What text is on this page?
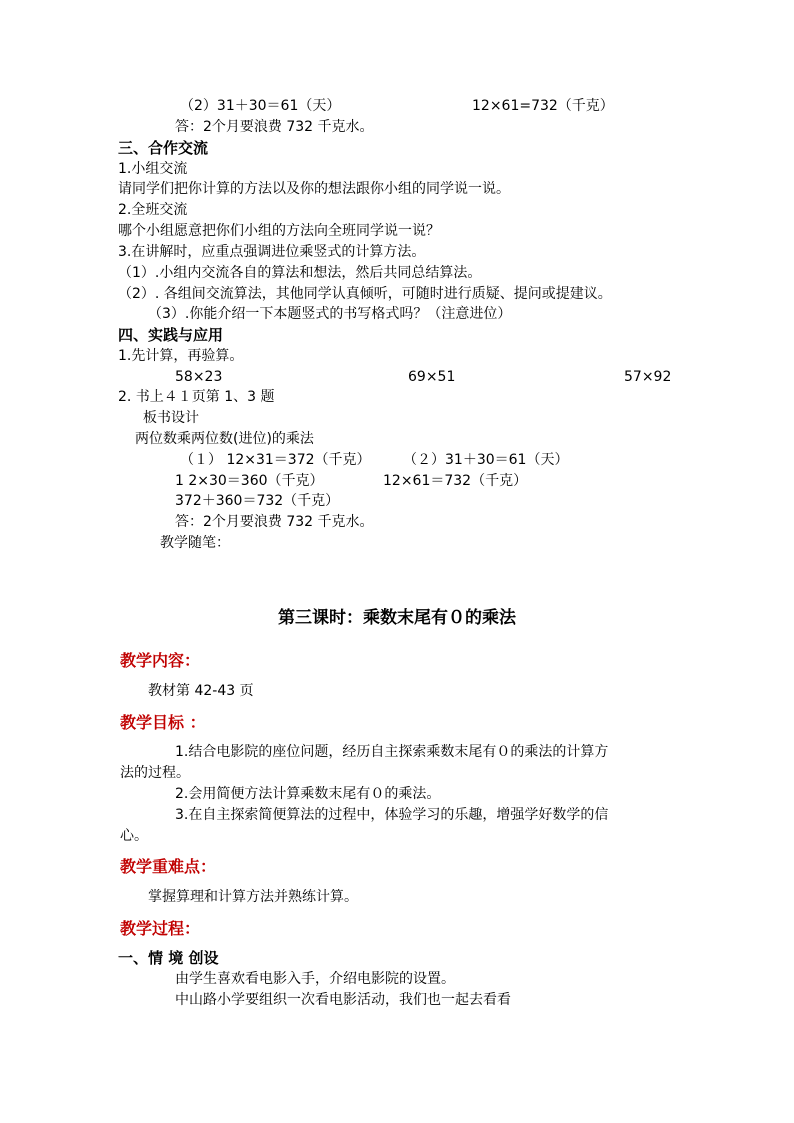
（2）31＋30＝61（天）	12×61=732（千克）
答：2个月要浪费 732 千克水。
三、合作交流
1.小组交流
请同学们把你计算的方法以及你的想法跟你小组的同学说一说。
2.全班交流
哪个小组愿意把你们小组的方法向全班同学说一说？
3.在讲解时，应重点强调进位乘竖式的计算方法。
（1）.小组内交流各自的算法和想法，然后共同总结算法。
（2）. 各组间交流算法，其他同学认真倾听，可随时进行质疑、提问或提建议。
（3）.你能介绍一下本题竖式的书写格式吗？（注意进位）
四、实践与应用
1.先计算，再验算。
58×23	69×51	57×92
2. 书上４１页第 1、3 题
板书设计
两位数乘两位数(进位)的乘法
（１） 12×31＝372（千克） （２）31＋30＝61（天）
1 2×30＝360（千克）	12×61＝732（千克）
372＋360＝732（千克）
答：2个月要浪费 732 千克水。
教学随笔：
第三课时：乘数末尾有０的乘法
教学内容：
教材第 42-43 页
教学目标 ：
1.结合电影院的座位问题，经历自主探索乘数末尾有０的乘法的计算方
法的过程。
2.会用简便方法计算乘数末尾有０的乘法。
3.在自主探索简便算法的过程中，体验学习的乐趣，增强学好数学的信
心。
教学重难点：
掌握算理和计算方法并熟练计算。
教学过程：
一、情 境 创设
由学生喜欢看电影入手，介绍电影院的设置。
中山路小学要组织一次看电影活动，我们也一起去看看
